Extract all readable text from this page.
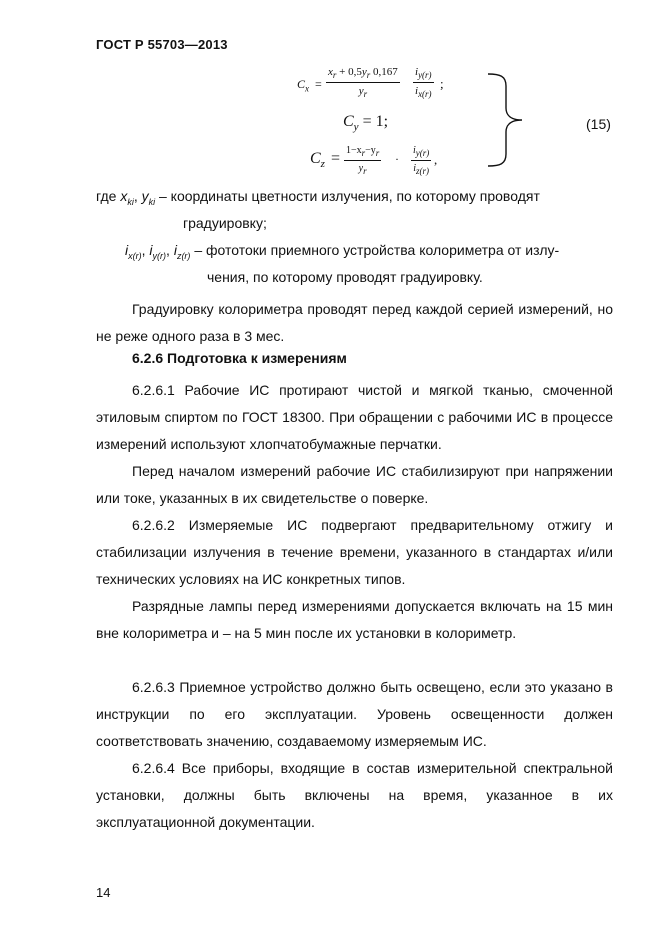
ГОСТ Р 55703—2013
$C_x = \frac{x_r + 0,5y_r 0,167}{y_r} \frac{i_{y(r)}}{i_{x(r)}}$ ;
$C_y = 1$;
$C_z = \frac{1-x_r-y_r}{y_r} \cdot \frac{i_{y(r)}}{i_{z(r)}}$ ,
(15)
где $x_{ki}$, $y_{ki}$ – координаты цветности излучения, по которому проводят
градуировку;
$i_{x(r)}$, $i_{y(r)}$, $i_{z(r)}$ – фототоки приемного устройства колориметра от излу-
чения, по которому проводят градуировку.
Градуировку колориметра проводят перед каждой серией измерений, но не реже одного раза в 3 мес.
6.2.6 Подготовка к измерениям
6.2.6.1 Рабочие ИС протирают чистой и мягкой тканью, смоченной этиловым спиртом по ГОСТ 18300. При обращении с рабочими ИС в процессе измерений используют хлопчатобумажные перчатки.
Перед началом измерений рабочие ИС стабилизируют при напряжении или токе, указанных в их свидетельстве о поверке.
6.2.6.2 Измеряемые ИС подвергают предварительному отжигу и стабилизации излучения в течение времени, указанного в стандартах и/или технических условиях на ИС конкретных типов.
Разрядные лампы перед измерениями допускается включать на 15 мин вне колориметра и – на 5 мин после их установки в колориметр.
6.2.6.3 Приемное устройство должно быть освещено, если это указано в инструкции по его эксплуатации. Уровень освещенности должен соответствовать значению, создаваемому измеряемым ИС.
6.2.6.4 Все приборы, входящие в состав измерительной спектральной установки, должны быть включены на время, указанное в их эксплуатационной документации.
14
